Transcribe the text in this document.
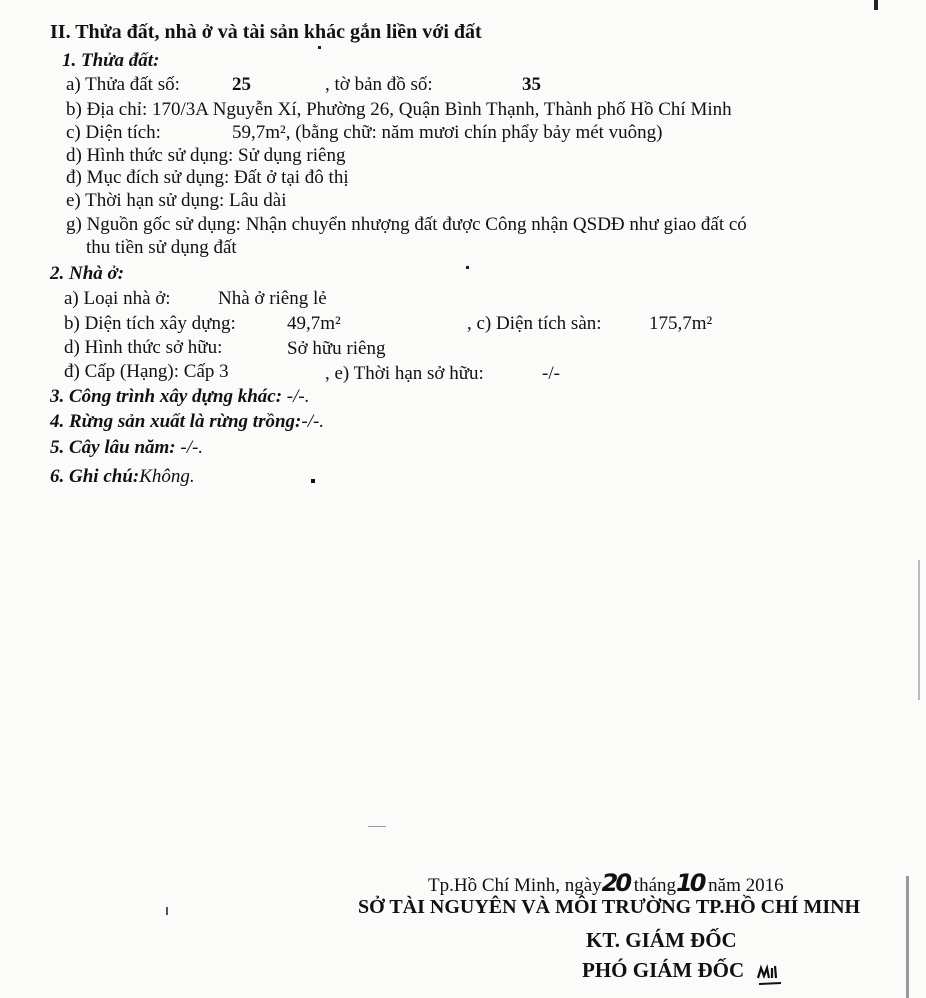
II. Thửa đất, nhà ở và tài sản khác gắn liền với đất
1. Thửa đất:
a) Thửa đất số:	25	, tờ bản đồ số:	35
b) Địa chỉ: 170/3A Nguyễn Xí, Phường 26, Quận Bình Thạnh, Thành phố Hồ Chí Minh
c) Diện tích:	59,7m², (bằng chữ: năm mươi chín phẩy bảy mét vuông)
d) Hình thức sử dụng: Sử dụng riêng
đ) Mục đích sử dụng: Đất ở tại đô thị
e) Thời hạn sử dụng: Lâu dài
g) Nguồn gốc sử dụng: Nhận chuyển nhượng đất được Công nhận QSDĐ như giao đất có
thu tiền sử dụng đất
2. Nhà ở:
a) Loại nhà ở: Nhà ở riêng lẻ
b) Diện tích xây dựng:	49,7m²	, c) Diện tích sàn: 175,7m²
d) Hình thức sở hữu:	Sở hữu riêng
đ) Cấp (Hạng): Cấp 3	, e) Thời hạn sở hữu:	-/-
3. Công trình xây dựng khác: -/-.
4. Rừng sản xuất là rừng trồng:-/-.
5. Cây lâu năm: -/-.
6. Ghi chú:Không.
Tp.Hồ Chí Minh, ngày20 tháng10 năm 2016
SỞ TÀI NGUYÊN VÀ MÔI TRƯỜNG TP.HỒ CHÍ MINH
KT. GIÁM ĐỐC
PHÓ GIÁM ĐỐC
